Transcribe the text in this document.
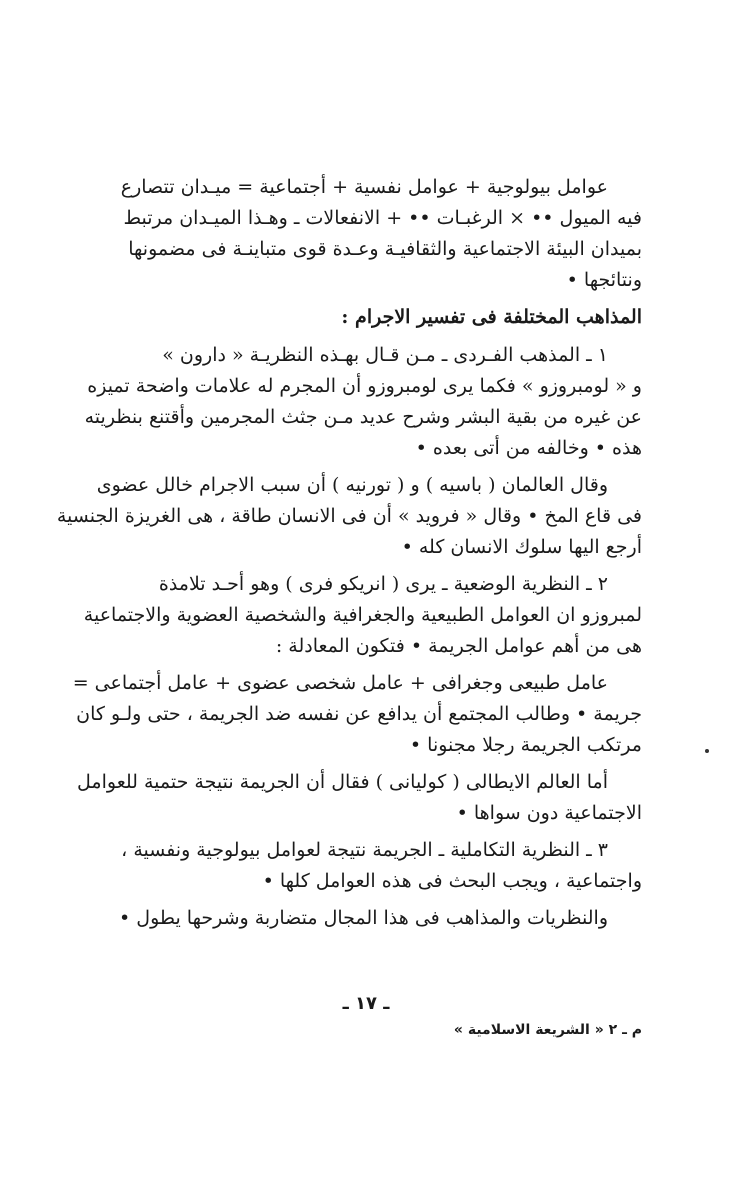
عوامل بيولوجية + عوامل نفسية + أجتماعية = ميـدان تتصارع
فيه الميول •• × الرغبـات •• + الانفعالات ـ وهـذا الميـدان مرتبط
بميدان البيئة الاجتماعية والثقافيـة وعـدة قوى متباينـة فى مضمونها
ونتائجها •
المذاهب المختلفة فى تفسير الاجرام :
١ ـ المذهب الفـردى ـ مـن قـال بهـذه النظريـة « دارون »
و « لومبروزو » فكما يرى لومبروزو أن المجرم له علامات واضحة تميزه
عن غيره من بقية البشر وشرح عديد مـن جثث المجرمين وأقتنع بنظريته
هذه • وخالفه من أتى بعده •
وقال العالمان ( باسيه ) و ( تورنيه ) أن سبب الاجرام خالل عضوى
فى قاع المخ • وقال « فرويد » أن فى الانسان طاقة ، هى الغريزة الجنسية
أرجع اليها سلوك الانسان كله •
٢ ـ النظرية الوضعية ـ يرى ( انريكو فرى ) وهو أحـد تلامذة
لمبروزو ان العوامل الطبيعية والجغرافية والشخصية العضوية والاجتماعية
هى من أهم عوامل الجريمة • فتكون المعادلة :
عامل طبيعى وجغرافى + عامل شخصى عضوى + عامل أجتماعى =
جريمة • وطالب المجتمع أن يدافع عن نفسه ضد الجريمة ، حتى ولـو كان
مرتكب الجريمة رجلا مجنونا •
أما العالم الايطالى ( كوليانى ) فقال أن الجريمة نتيجة حتمية للعوامل
الاجتماعية دون سواها •
٣ ـ النظرية التكاملية ـ الجريمة نتيجة لعوامل بيولوجية ونفسية ،
واجتماعية ، ويجب البحث فى هذه العوامل كلها •
والنظريات والمذاهب فى هذا المجال متضاربة وشرحها يطول •
ـ ١٧ ـ
م ـ ٢ « الشريعة الاسلامية »
